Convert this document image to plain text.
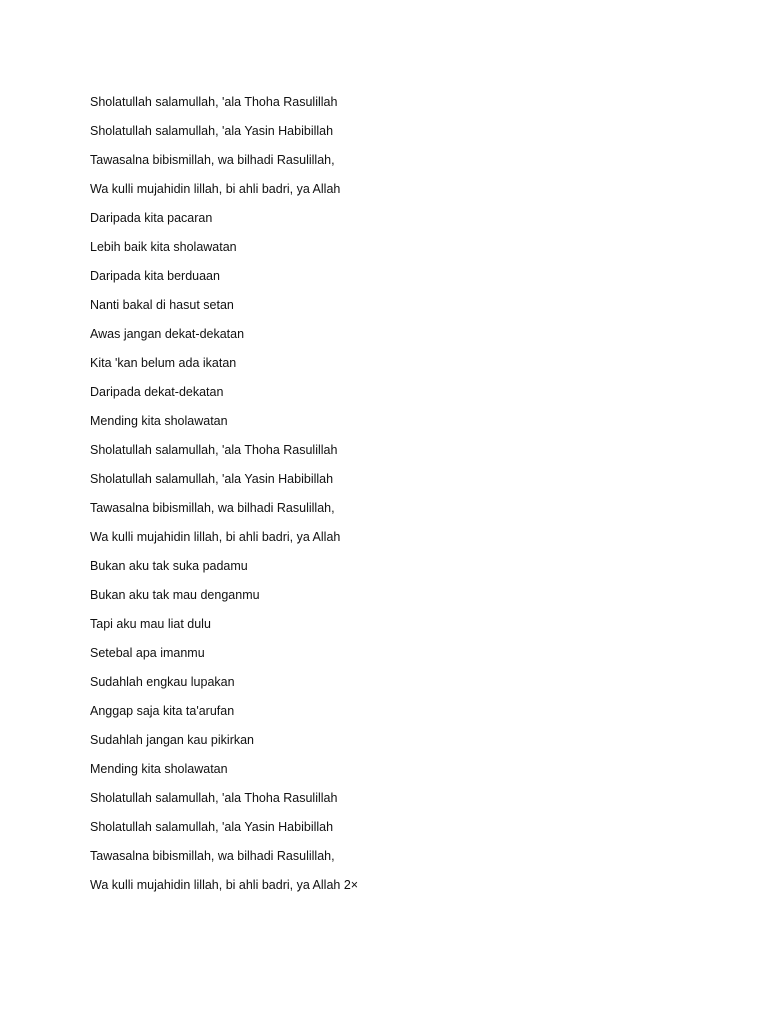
Sholatullah salamullah, 'ala Thoha Rasulillah
Sholatullah salamullah, 'ala Yasin Habibillah
Tawasalna bibismillah, wa bilhadi Rasulillah,
Wa kulli mujahidin lillah, bi ahli badri, ya Allah
Daripada kita pacaran
Lebih baik kita sholawatan
Daripada kita berduaan
Nanti bakal di hasut setan
Awas jangan dekat-dekatan
Kita 'kan belum ada ikatan
Daripada dekat-dekatan
Mending kita sholawatan
Sholatullah salamullah, 'ala Thoha Rasulillah
Sholatullah salamullah, 'ala Yasin Habibillah
Tawasalna bibismillah, wa bilhadi Rasulillah,
Wa kulli mujahidin lillah, bi ahli badri, ya Allah
Bukan aku tak suka padamu
Bukan aku tak mau denganmu
Tapi aku mau liat dulu
Setebal apa imanmu
Sudahlah engkau lupakan
Anggap saja kita ta'arufan
Sudahlah jangan kau pikirkan
Mending kita sholawatan
Sholatullah salamullah, 'ala Thoha Rasulillah
Sholatullah salamullah, 'ala Yasin Habibillah
Tawasalna bibismillah, wa bilhadi Rasulillah,
Wa kulli mujahidin lillah, bi ahli badri, ya Allah 2×
